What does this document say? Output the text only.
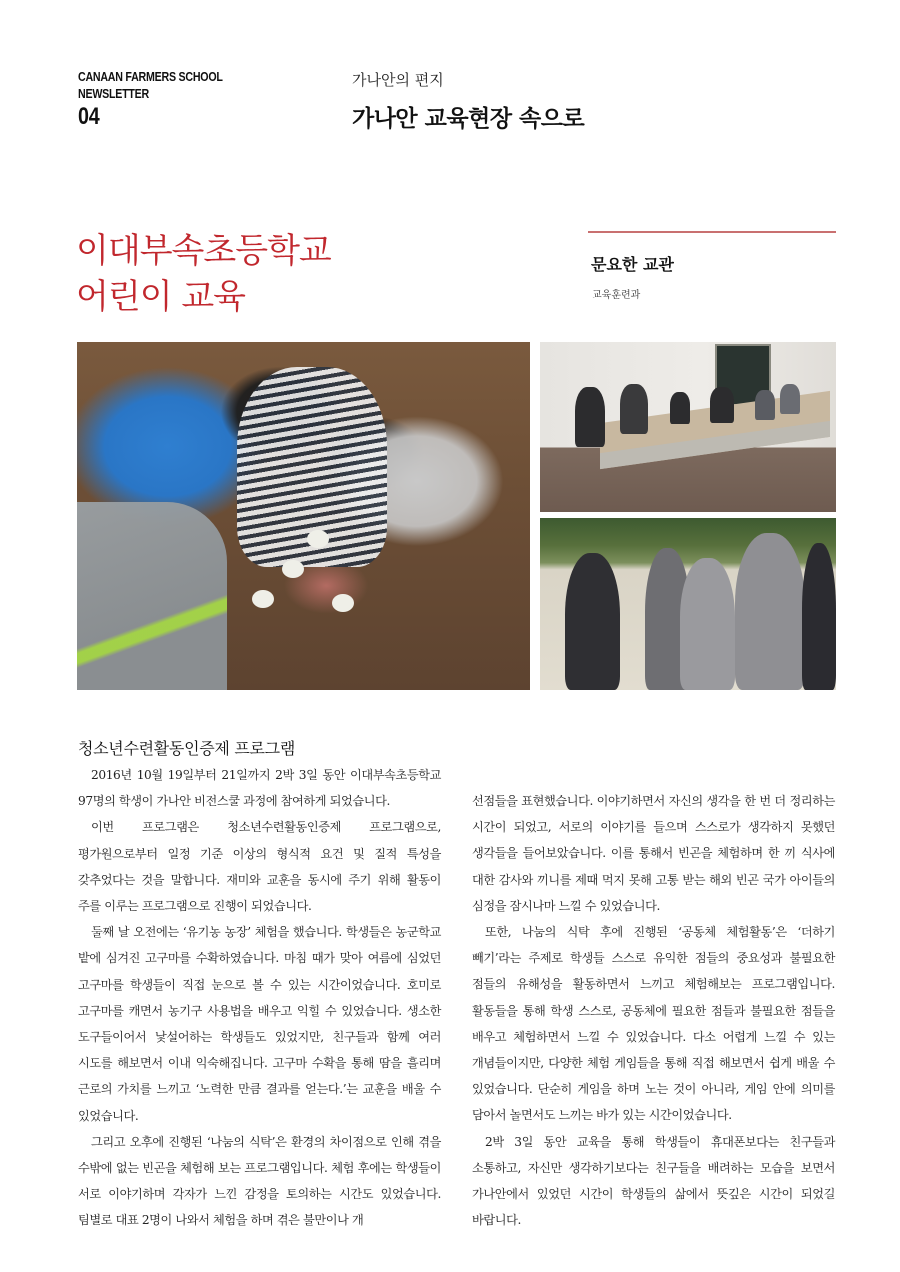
CANAAN FARMERS SCHOOL
NEWSLETTER
04
가나안의 편지
가나안 교육현장 속으로
이대부속초등학교
어린이 교육
문요한 교관
교육훈련과
청소년수련활동인증제 프로그램

2016년 10월 19일부터 21일까지 2박 3일 동안 이대부속초등학교 97명의 학생이 가나안 비전스쿨 과정에 참여하게 되었습니다.

이번 프로그램은 청소년수련활동인증제 프로그램으로, 평가원으로부터 일정 기준 이상의 형식적 요건 및 질적 특성을 갖추었다는 것을 말합니다. 재미와 교훈을 동시에 주기 위해 활동이 주를 이루는 프로그램으로 진행이 되었습니다.

둘째 날 오전에는 ‘유기농 농장’ 체험을 했습니다. 학생들은 농군학교 밭에 심겨진 고구마를 수확하였습니다. 마침 때가 맞아 여름에 심었던 고구마를 학생들이 직접 눈으로 볼 수 있는 시간이었습니다. 호미로 고구마를 캐면서 농기구 사용법을 배우고 익힐 수 있었습니다. 생소한 도구들이어서 낯설어하는 학생들도 있었지만, 친구들과 함께 여러 시도를 해보면서 이내 익숙해집니다. 고구마 수확을 통해 땀을 흘리며 근로의 가치를 느끼고 ‘노력한 만큼 결과를 얻는다.’는 교훈을 배울 수 있었습니다.

그리고 오후에 진행된 ‘나눔의 식탁’은 환경의 차이점으로 인해 겪을 수밖에 없는 빈곤을 체험해 보는 프로그램입니다. 체험 후에는 학생들이 서로 이야기하며 각자가 느낀 감정을 토의하는 시간도 있었습니다. 팀별로 대표 2명이 나와서 체험을 하며 겪은 불만이나 개

선점들을 표현했습니다. 이야기하면서 자신의 생각을 한 번 더 정리하는 시간이 되었고, 서로의 이야기를 들으며 스스로가 생각하지 못했던 생각들을 들어보았습니다. 이를 통해서 빈곤을 체험하며 한 끼 식사에 대한 감사와 끼니를 제때 먹지 못해 고통 받는 해외 빈곤 국가 아이들의 심정을 잠시나마 느낄 수 있었습니다.

또한, 나눔의 식탁 후에 진행된 ‘공동체 체험활동’은 ‘더하기 빼기’라는 주제로 학생들 스스로 유익한 점들의 중요성과 불필요한 점들의 유해성을 활동하면서 느끼고 체험해보는 프로그램입니다. 활동들을 통해 학생 스스로, 공동체에 필요한 점들과 불필요한 점들을 배우고 체험하면서 느낄 수 있었습니다. 다소 어렵게 느낄 수 있는 개념들이지만, 다양한 체험 게임들을 통해 직접 해보면서 쉽게 배울 수 있었습니다. 단순히 게임을 하며 노는 것이 아니라, 게임 안에 의미를 담아서 놀면서도 느끼는 바가 있는 시간이었습니다.

2박 3일 동안 교육을 통해 학생들이 휴대폰보다는 친구들과 소통하고, 자신만 생각하기보다는 친구들을 배려하는 모습을 보면서 가나안에서 있었던 시간이 학생들의 삶에서 뜻깊은 시간이 되었길 바랍니다.
